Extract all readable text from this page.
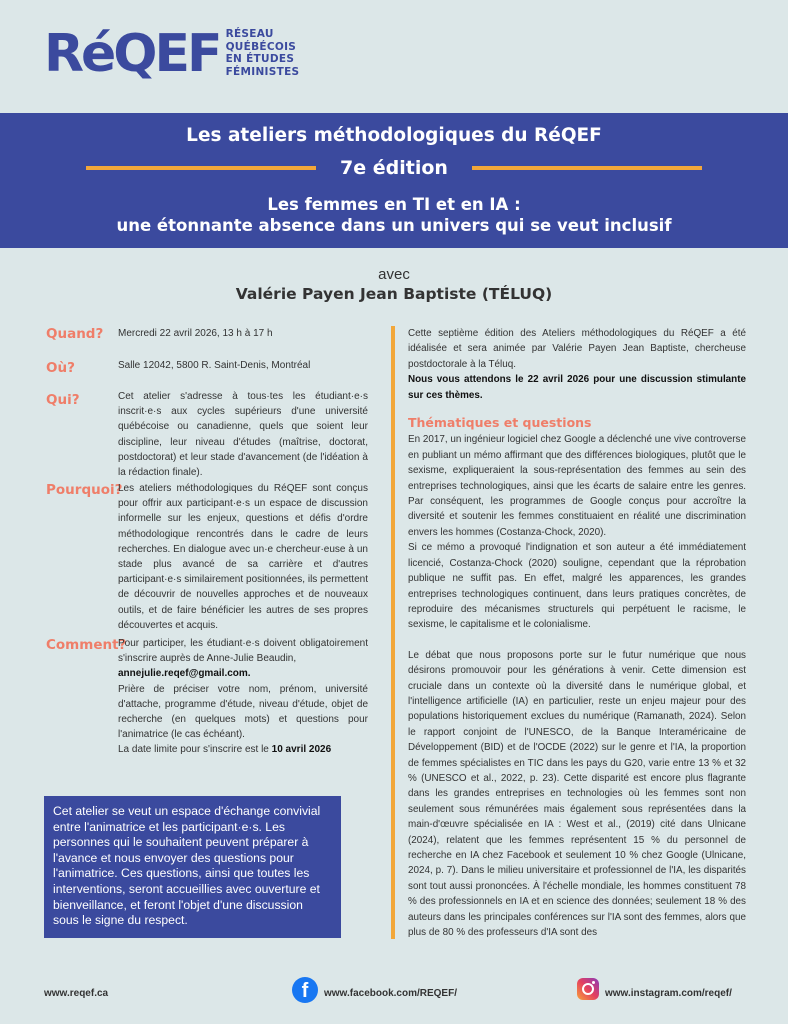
RéQEF RÉSEAU
QUÉBÉCOIS
EN ÉTUDES
FÉMINISTES
Les ateliers méthodologiques du RéQEF
7e édition
Les femmes en TI et en IA :
une étonnante absence dans un univers qui se veut inclusif
avec
Valérie Payen Jean Baptiste (TÉLUQ)
Quand? Mercredi 22 avril 2026, 13 h à 17 h
Où?	Salle 12042, 5800 R. Saint-Denis, Montréal
Qui?	Cet atelier s'adresse à tous·tes les étudiant·e·s inscrit·e·s aux cycles supérieurs d'une université québécoise ou canadienne, quels que soient leur discipline, leur niveau d'études (maîtrise, doctorat, postdoctorat) et leur stade d'avancement (de l'idéation à la rédaction finale).
Pourquoi?
Les ateliers méthodologiques du RéQEF sont conçus pour offrir aux participant·e·s un espace de discussion informelle sur les enjeux, questions et défis d'ordre méthodologique rencontrés dans le cadre de leurs recherches. En dialogue avec un·e chercheur·euse à un stade plus avancé de sa carrière et d'autres participant·e·s similairement positionnées, ils permettent de découvrir de nouvelles approches et de nouveaux outils, et de faire bénéficier les autres de ses propres découvertes et acquis.
Comment?
Pour participer, les étudiant·e·s doivent obligatoirement s'inscrire auprès de Anne-Julie Beaudin,
annejulie.reqef@gmail.com.
Prière de préciser votre nom, prénom, université d'attache, programme d'étude, niveau d'étude, objet de recherche (en quelques mots) et questions pour l'animatrice (le cas échéant).
La date limite pour s'inscrire est le 10 avril 2026
Cet atelier se veut un espace d'échange convivial entre l'animatrice et les participant·e·s. Les personnes qui le souhaitent peuvent préparer à l'avance et nous envoyer des questions pour l'animatrice. Ces questions, ainsi que toutes les interventions, seront accueillies avec ouverture et bienveillance, et feront l'objet d'une discussion sous le signe du respect.

Cette septième édition des Ateliers méthodologiques du RéQEF a été idéalisée et sera animée par Valérie Payen Jean Baptiste, chercheuse postdoctorale à la Téluq.

Nous vous attendons le 22 avril 2026 pour une discussion stimulante sur ces thèmes.

Thématiques et questions

En 2017, un ingénieur logiciel chez Google a déclenché une vive controverse en publiant un mémo affirmant que des différences biologiques, plutôt que le sexisme, expliqueraient la sous-représentation des femmes au sein des entreprises technologiques, ainsi que les écarts de salaire entre les genres. Par conséquent, les programmes de Google conçus pour accroître la diversité et soutenir les femmes constituaient en réalité une discrimination envers les hommes (Costanza-Chock, 2020).

Si ce mémo a provoqué l'indignation et son auteur a été immédiatement licencié, Costanza-Chock (2020) souligne, cependant que la réprobation publique ne suffit pas. En effet, malgré les apparences, les grandes entreprises technologiques continuent, dans leurs pratiques concrètes, de reproduire des mécanismes structurels qui perpétuent le racisme, le sexisme, le capitalisme et le colonialisme.

Le débat que nous proposons porte sur le futur numérique que nous désirons promouvoir pour les générations à venir. Cette dimension est cruciale dans un contexte où la diversité dans le numérique global, et l'intelligence artificielle (IA) en particulier, reste un enjeu majeur pour des populations historiquement exclues du numérique (Ramanath, 2024). Selon le rapport conjoint de l'UNESCO, de la Banque Interaméricaine de Développement (BID) et de l'OCDE (2022) sur le genre et l'IA, la proportion de femmes spécialistes en TIC dans les pays du G20, varie entre 13 % et 32 % (UNESCO et al., 2022, p. 23). Cette disparité est encore plus flagrante dans les grandes entreprises en technologies où les femmes sont non seulement sous rémunérées mais également sous représentées dans la main-d'œuvre spécialisée en IA : West et al., (2019) cité dans Ulnicane (2024), relatent que les femmes représentent 15 % du personnel de recherche en IA chez Facebook et seulement 10 % chez Google (Ulnicane, 2024, p. 7). Dans le milieu universitaire et professionnel de l'IA, les disparités sont tout aussi prononcées. À l'échelle mondiale, les hommes constituent 78 % des professionnels en IA et en science des données; seulement 18 % des auteurs dans les principales conférences sur l'IA sont des femmes, alors que plus de 80 % des professeurs d'IA sont des

www.reqef.ca	f	www.facebook.com/REQEF/	www.instagram.com/reqef/
